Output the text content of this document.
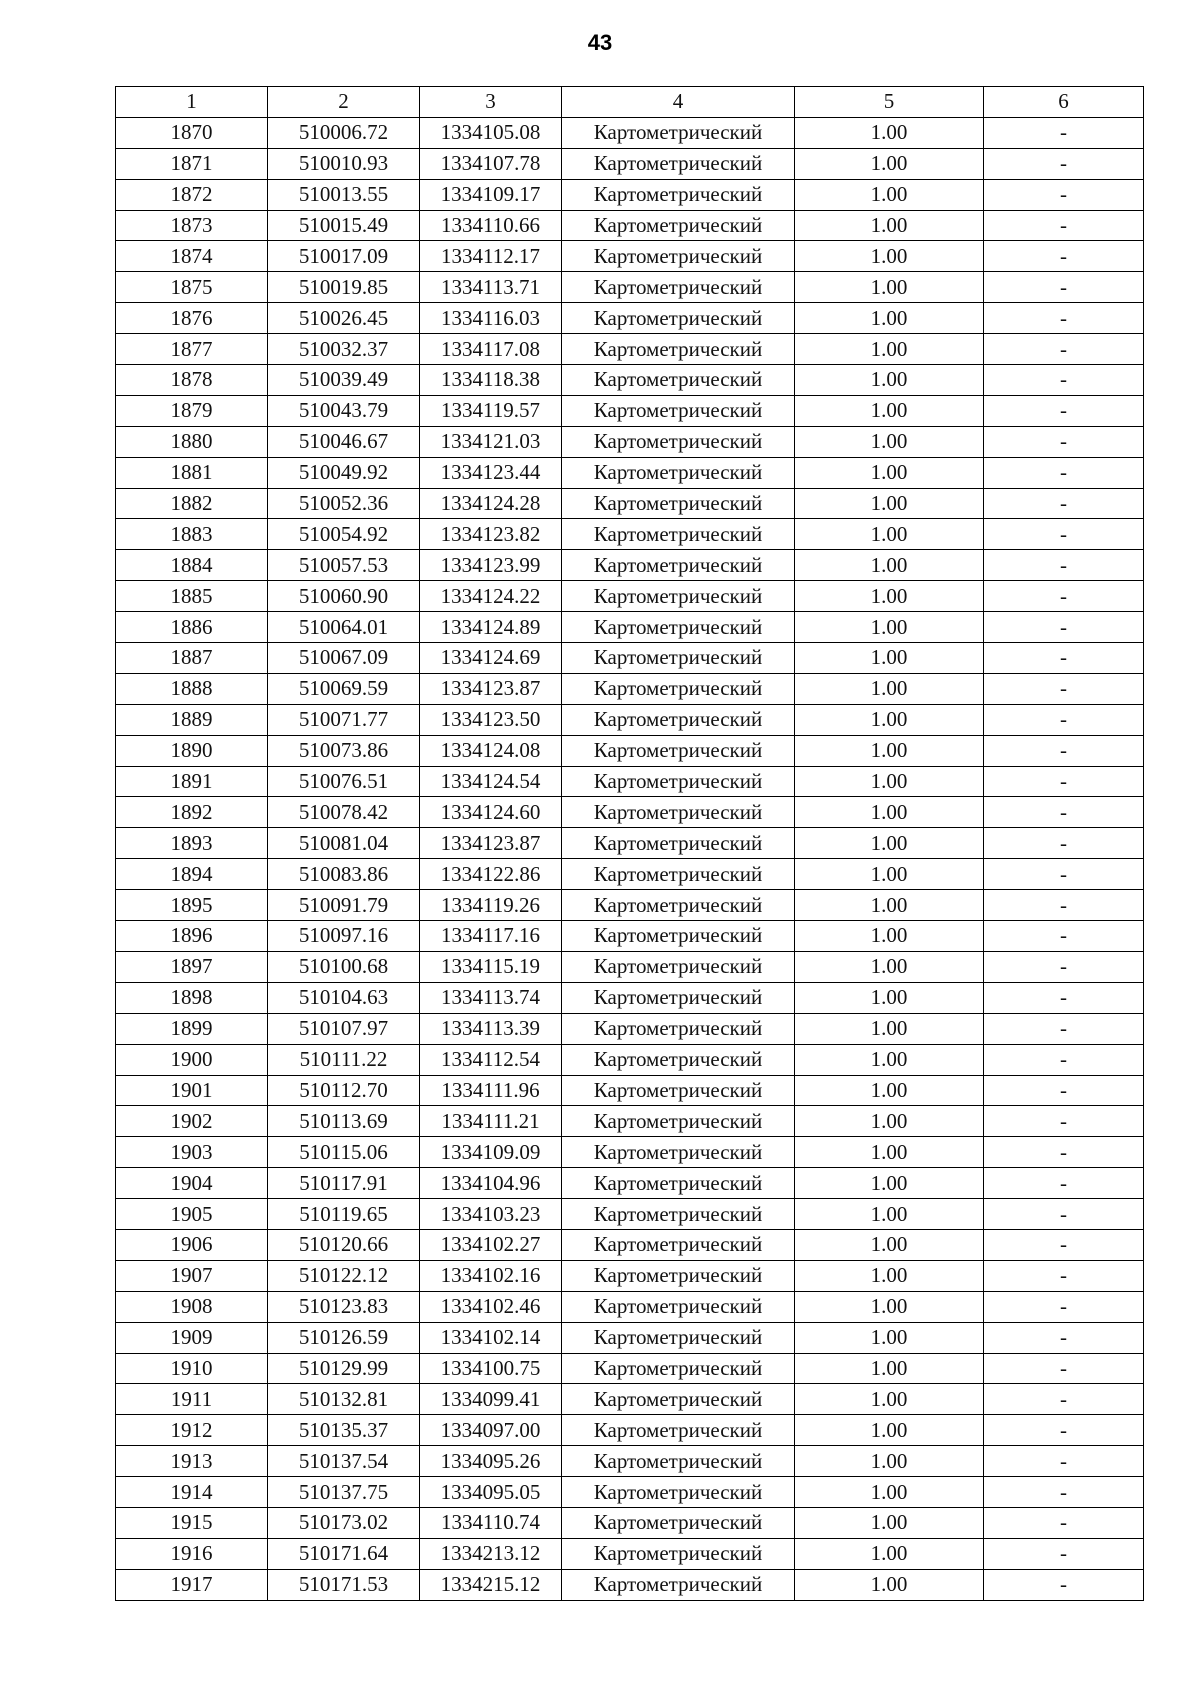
43
1	2	3	4	5	6
1870	510006.72	1334105.08	Картометрический	1.00	-
1871	510010.93	1334107.78	Картометрический	1.00	-
1872	510013.55	1334109.17	Картометрический	1.00	-
1873	510015.49	1334110.66	Картометрический	1.00	-
1874	510017.09	1334112.17	Картометрический	1.00	-
1875	510019.85	1334113.71	Картометрический	1.00	-
1876	510026.45	1334116.03	Картометрический	1.00	-
1877	510032.37	1334117.08	Картометрический	1.00	-
1878	510039.49	1334118.38	Картометрический	1.00	-
1879	510043.79	1334119.57	Картометрический	1.00	-
1880	510046.67	1334121.03	Картометрический	1.00	-
1881	510049.92	1334123.44	Картометрический	1.00	-
1882	510052.36	1334124.28	Картометрический	1.00	-
1883	510054.92	1334123.82	Картометрический	1.00	-
1884	510057.53	1334123.99	Картометрический	1.00	-
1885	510060.90	1334124.22	Картометрический	1.00	-
1886	510064.01	1334124.89	Картометрический	1.00	-
1887	510067.09	1334124.69	Картометрический	1.00	-
1888	510069.59	1334123.87	Картометрический	1.00	-
1889	510071.77	1334123.50	Картометрический	1.00	-
1890	510073.86	1334124.08	Картометрический	1.00	-
1891	510076.51	1334124.54	Картометрический	1.00	-
1892	510078.42	1334124.60	Картометрический	1.00	-
1893	510081.04	1334123.87	Картометрический	1.00	-
1894	510083.86	1334122.86	Картометрический	1.00	-
1895	510091.79	1334119.26	Картометрический	1.00	-
1896	510097.16	1334117.16	Картометрический	1.00	-
1897	510100.68	1334115.19	Картометрический	1.00	-
1898	510104.63	1334113.74	Картометрический	1.00	-
1899	510107.97	1334113.39	Картометрический	1.00	-
1900	510111.22	1334112.54	Картометрический	1.00	-
1901	510112.70	1334111.96	Картометрический	1.00	-
1902	510113.69	1334111.21	Картометрический	1.00	-
1903	510115.06	1334109.09	Картометрический	1.00	-
1904	510117.91	1334104.96	Картометрический	1.00	-
1905	510119.65	1334103.23	Картометрический	1.00	-
1906	510120.66	1334102.27	Картометрический	1.00	-
1907	510122.12	1334102.16	Картометрический	1.00	-
1908	510123.83	1334102.46	Картометрический	1.00	-
1909	510126.59	1334102.14	Картометрический	1.00	-
1910	510129.99	1334100.75	Картометрический	1.00	-
1911	510132.81	1334099.41	Картометрический	1.00	-
1912	510135.37	1334097.00	Картометрический	1.00	-
1913	510137.54	1334095.26	Картометрический	1.00	-
1914	510137.75	1334095.05	Картометрический	1.00	-
1915	510173.02	1334110.74	Картометрический	1.00	-
1916	510171.64	1334213.12	Картометрический	1.00	-
1917	510171.53	1334215.12	Картометрический	1.00	-
